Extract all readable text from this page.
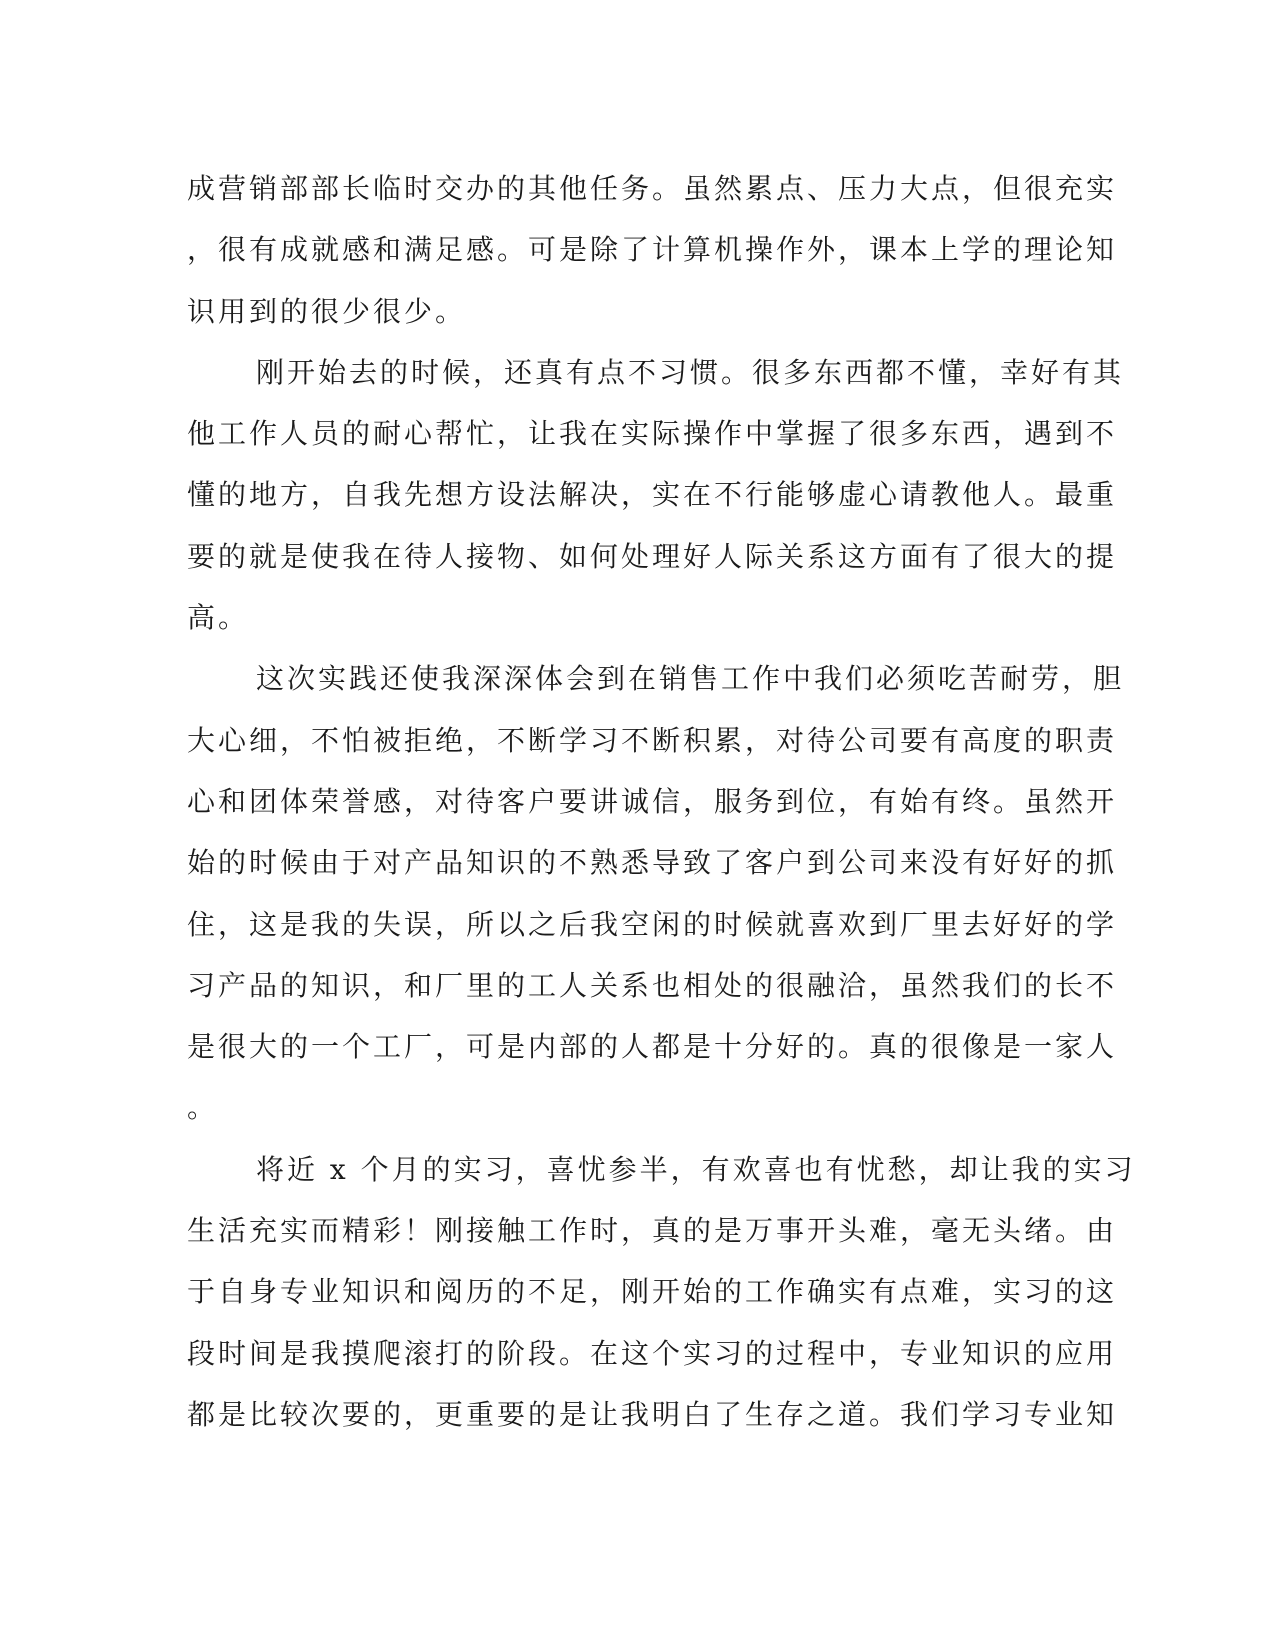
成营销部部长临时交办的其他任务。虽然累点、压力大点，但很充实
，很有成就感和满足感。可是除了计算机操作外，课本上学的理论知
识用到的很少很少。
刚开始去的时候，还真有点不习惯。很多东西都不懂，幸好有其
他工作人员的耐心帮忙，让我在实际操作中掌握了很多东西，遇到不
懂的地方，自我先想方设法解决，实在不行能够虚心请教他人。最重
要的就是使我在待人接物、如何处理好人际关系这方面有了很大的提
高。
这次实践还使我深深体会到在销售工作中我们必须吃苦耐劳，胆
大心细，不怕被拒绝，不断学习不断积累，对待公司要有高度的职责
心和团体荣誉感，对待客户要讲诚信，服务到位，有始有终。虽然开
始的时候由于对产品知识的不熟悉导致了客户到公司来没有好好的抓
住，这是我的失误，所以之后我空闲的时候就喜欢到厂里去好好的学
习产品的知识，和厂里的工人关系也相处的很融洽，虽然我们的长不
是很大的一个工厂，可是内部的人都是十分好的。真的很像是一家人
。
将近 x 个月的实习，喜忧参半，有欢喜也有忧愁，却让我的实习
生活充实而精彩！刚接触工作时，真的是万事开头难，毫无头绪。由
于自身专业知识和阅历的不足，刚开始的工作确实有点难，实习的这
段时间是我摸爬滚打的阶段。在这个实习的过程中，专业知识的应用
都是比较次要的，更重要的是让我明白了生存之道。我们学习专业知
